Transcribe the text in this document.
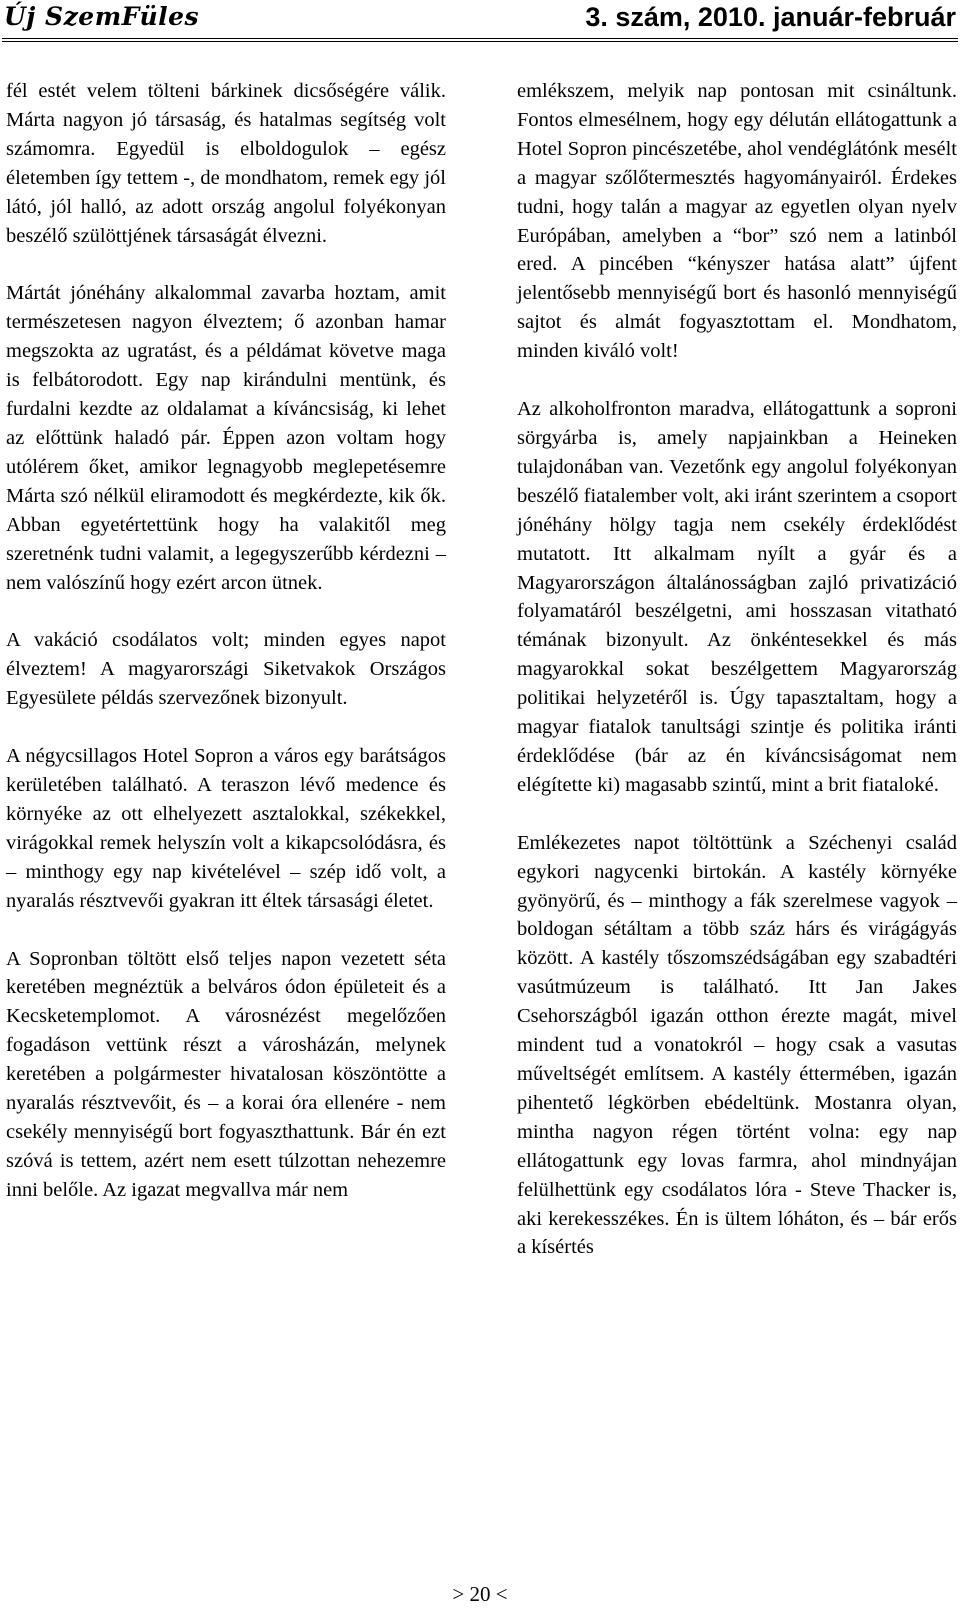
Új SzemFüles	3. szám, 2010. január-február

fél estét velem tölteni bárkinek dicsőségére válik. Márta nagyon jó társaság, és hatalmas segítség volt számomra. Egyedül is elboldogulok – egész életemben így tettem -, de mondhatom, remek egy jól látó, jól halló, az adott ország angolul folyékonyan beszélő szülöttjének társaságát élvezni.

Mártát jónéhány alkalommal zavarba hoztam, amit természetesen nagyon élveztem; ő azonban hamar megszokta az ugratást, és a példámat követve maga is felbátorodott. Egy nap kirándulni mentünk, és furdalni kezdte az oldalamat a kíváncsiság, ki lehet az előttünk haladó pár. Éppen azon voltam hogy utólérem őket, amikor legnagyobb meglepetésemre Márta szó nélkül eliramodott és megkérdezte, kik ők. Abban egyetértettünk hogy ha valakitől meg szeretnénk tudni valamit, a legegyszerűbb kérdezni – nem valószínű hogy ezért arcon ütnek.

A vakáció csodálatos volt; minden egyes napot élveztem! A magyarországi Siketvakok Országos Egyesülete példás szervezőnek bizonyult.

A négycsillagos Hotel Sopron a város egy barátságos kerületében található. A teraszon lévő medence és környéke az ott elhelyezett asztalokkal, székekkel, virágokkal remek helyszín volt a kikapcsolódásra, és – minthogy egy nap kivételével – szép idő volt, a nyaralás résztvevői gyakran itt éltek társasági életet.

A Sopronban töltött első teljes napon vezetett séta keretében megnéztük a belváros ódon épületeit és a Kecsketemplomot. A városnézést megelőzően fogadáson vettünk részt a városházán, melynek keretében a polgármester hivatalosan köszöntötte a nyaralás résztvevőit, és – a korai óra ellenére - nem csekély mennyiségű bort fogyaszthattunk. Bár én ezt szóvá is tettem, azért nem esett túlzottan nehezemre inni belőle. Az igazat megvallva már nem

emlékszem, melyik nap pontosan mit csináltunk. Fontos elmesélnem, hogy egy délután ellátogattunk a Hotel Sopron pincészetébe, ahol vendéglátónk mesélt a magyar szőlőtermesztés hagyományairól. Érdekes tudni, hogy talán a magyar az egyetlen olyan nyelv Európában, amelyben a “bor” szó nem a latinból ered. A pincében “kényszer hatása alatt” újfent jelentősebb mennyiségű bort és hasonló mennyiségű sajtot és almát fogyasztottam el. Mondhatom, minden kiváló volt!

Az alkoholfronton maradva, ellátogattunk a soproni sörgyárba is, amely napjainkban a Heineken tulajdonában van. Vezetőnk egy angolul folyékonyan beszélő fiatalember volt, aki iránt szerintem a csoport jónéhány hölgy tagja nem csekély érdeklődést mutatott. Itt alkalmam nyílt a gyár és a Magyarországon általánosságban zajló privatizáció folyamatáról beszélgetni, ami hosszasan vitatható témának bizonyult. Az önkéntesekkel és más magyarokkal sokat beszélgettem Magyarország politikai helyzetéről is. Úgy tapasztaltam, hogy a magyar fiatalok tanultsági szintje és politika iránti érdeklődése (bár az én kíváncsiságomat nem elégítette ki) magasabb szintű, mint a brit fiataloké.

Emlékezetes napot töltöttünk a Széchenyi család egykori nagycenki birtokán. A kastély környéke gyönyörű, és – minthogy a fák szerelmese vagyok – boldogan sétáltam a több száz hárs és virágágyás között. A kastély tőszomszédságában egy szabadtéri vasútmúzeum is található. Itt Jan Jakes Csehországból igazán otthon érezte magát, mivel mindent tud a vonatokról – hogy csak a vasutas műveltségét említsem. A kastély éttermében, igazán pihentető légkörben ebédeltünk. Mostanra olyan, mintha nagyon régen történt volna: egy nap ellátogattunk egy lovas farmra, ahol mindnyájan felülhettünk egy csodálatos lóra - Steve Thacker is, aki kerekesszékes. Én is ültem lóháton, és – bár erős a kísértés

> 20 <
